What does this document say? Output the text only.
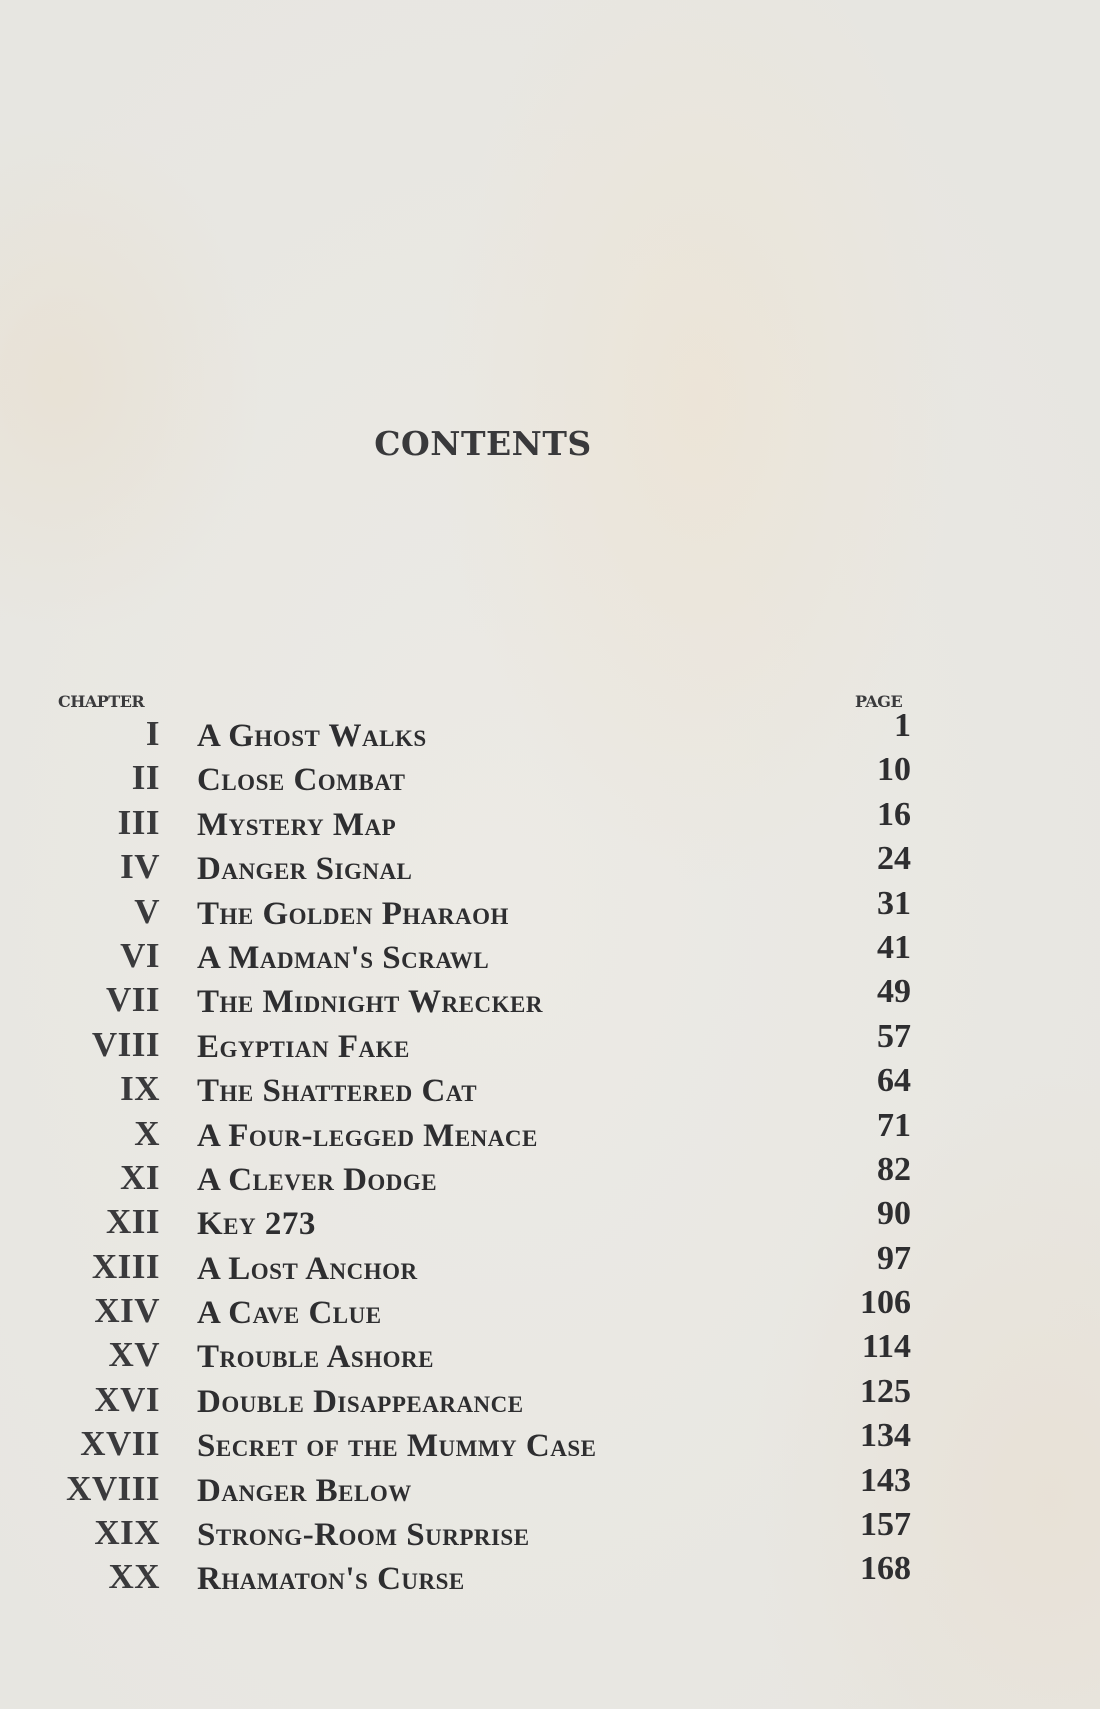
CONTENTS
CHAPTER	PAGE
I A Ghost Walks	1
II Close Combat	10
III Mystery Map	16
IV Danger Signal	24
V The Golden Pharaoh	31
VI A Madman's Scrawl	41
VII The Midnight Wrecker	49
VIII Egyptian Fake	57
IX The Shattered Cat	64
X A Four-legged Menace	71
XI A Clever Dodge	82
XII Key 273	90
XIII A Lost Anchor	97
XIV A Cave Clue	106
XV Trouble Ashore	114
XVI Double Disappearance	125
XVII Secret of the Mummy Case	134
XVIII Danger Below	143
XIX Strong-Room Surprise	157
XX Rhamaton's Curse	168
